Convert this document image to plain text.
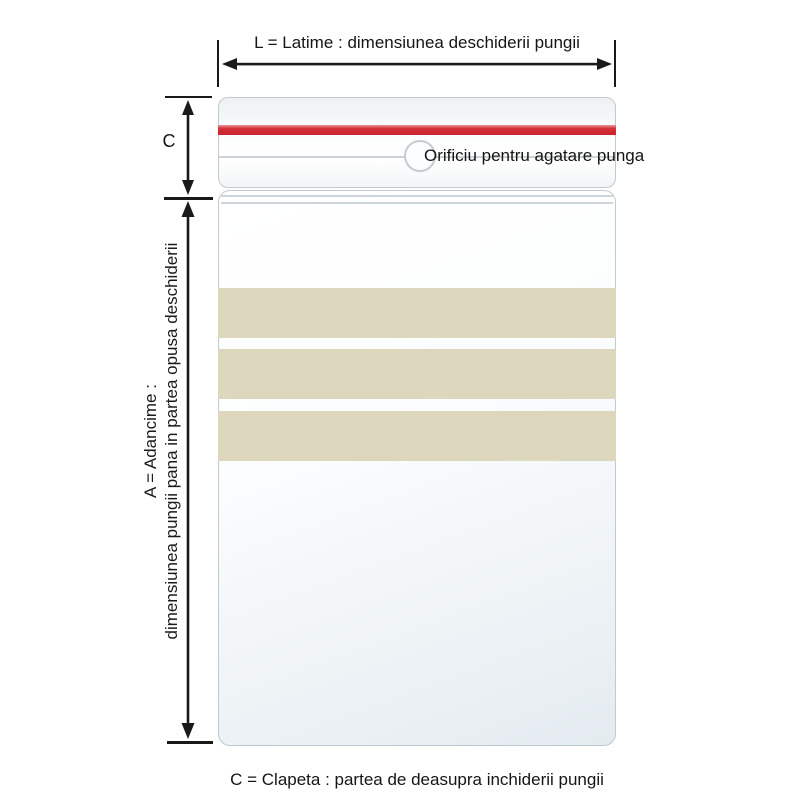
L = Latime : dimensiunea deschiderii pungii
C
A = Adancime : dimensiunea pungii pana in partea opusa deschiderii
Orificiu pentru agatare punga
C = Clapeta : partea de deasupra inchiderii pungii
